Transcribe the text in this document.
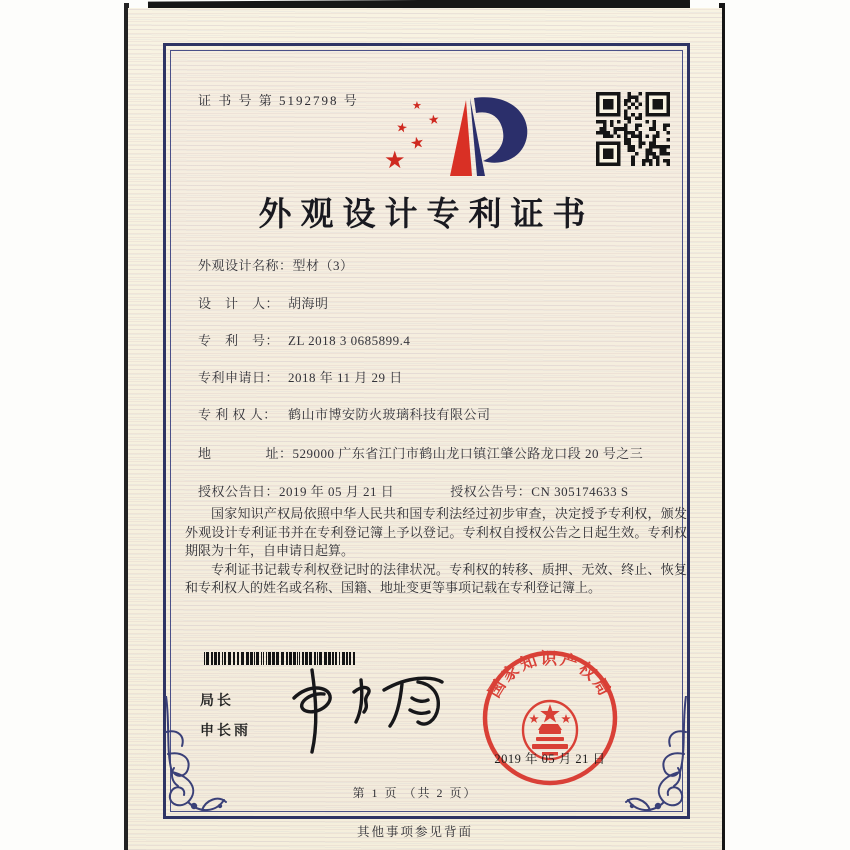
证 书 号 第 5192798 号
★
★
★ ★
★
外观设计专利证书
外观设计名称： 型材（3）
设　计　人： 胡海明
专　利　号： ZL 2018 3 0685899.4
专利申请日： 2018 年 11 月 29 日
专 利 权 人： 鹤山市博安防火玻璃科技有限公司
地　　　　址： 529000 广东省江门市鹤山龙口镇江肇公路龙口段 20 号之三
授权公告日： 2019 年 05 月 21 日	授权公告号： CN 305174633 S

国家知识产权局依照中华人民共和国专利法经过初步审查，决定授予专利权，颁发外观设计专利证书并在专利登记簿上予以登记。专利权自授权公告之日起生效。专利权期限为十年，自申请日起算。

专利证书记载专利权登记时的法律状况。专利权的转移、质押、无效、终止、恢复和专利权人的姓名或名称、国籍、地址变更等事项记载在专利登记簿上。

局长
申长雨
国家知识产权局
2019 年 05 月 21 日
第 1 页 （共 2 页）
其他事项参见背面
